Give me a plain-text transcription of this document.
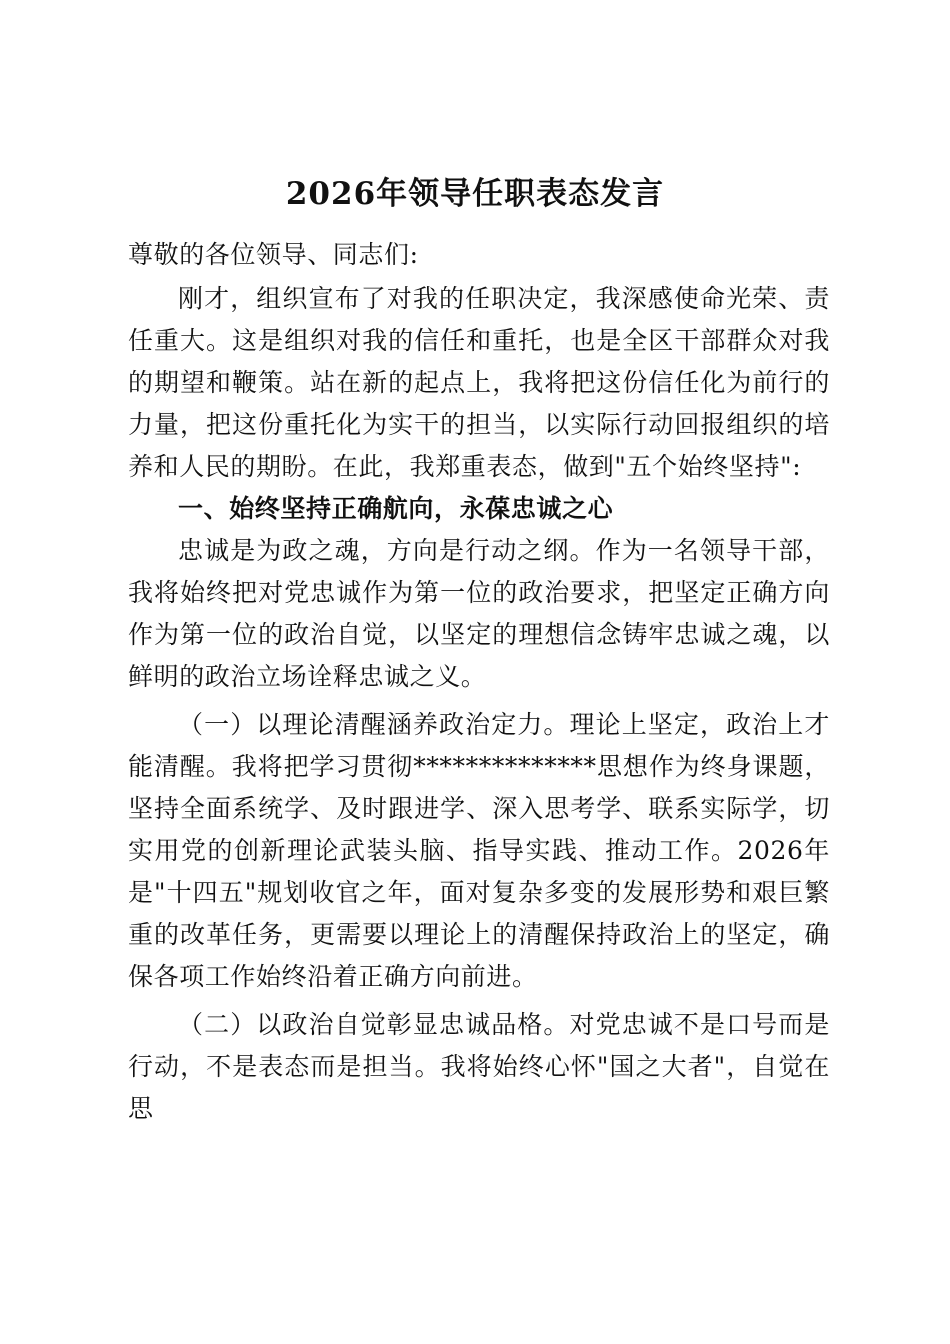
2026年领导任职表态发言

尊敬的各位领导、同志们:

刚才，组织宣布了对我的任职决定，我深感使命光荣、责任重大。这是组织对我的信任和重托，也是全区干部群众对我的期望和鞭策。站在新的起点上，我将把这份信任化为前行的力量，把这份重托化为实干的担当，以实际行动回报组织的培养和人民的期盼。在此，我郑重表态，做到"五个始终坚持":

一、始终坚持正确航向，永葆忠诚之心

忠诚是为政之魂，方向是行动之纲。作为一名领导干部，我将始终把对党忠诚作为第一位的政治要求，把坚定正确方向作为第一位的政治自觉，以坚定的理想信念铸牢忠诚之魂，以鲜明的政治立场诠释忠诚之义。

（一）以理论清醒涵养政治定力。理论上坚定，政治上才能清醒。我将把学习贯彻**************思想作为终身课题，坚持全面系统学、及时跟进学、深入思考学、联系实际学，切实用党的创新理论武装头脑、指导实践、推动工作。2026年是"十四五"规划收官之年，面对复杂多变的发展形势和艰巨繁重的改革任务，更需要以理论上的清醒保持政治上的坚定，确保各项工作始终沿着正确方向前进。

（二）以政治自觉彰显忠诚品格。对党忠诚不是口号而是行动，不是表态而是担当。我将始终心怀"国之大者"，自觉在思
